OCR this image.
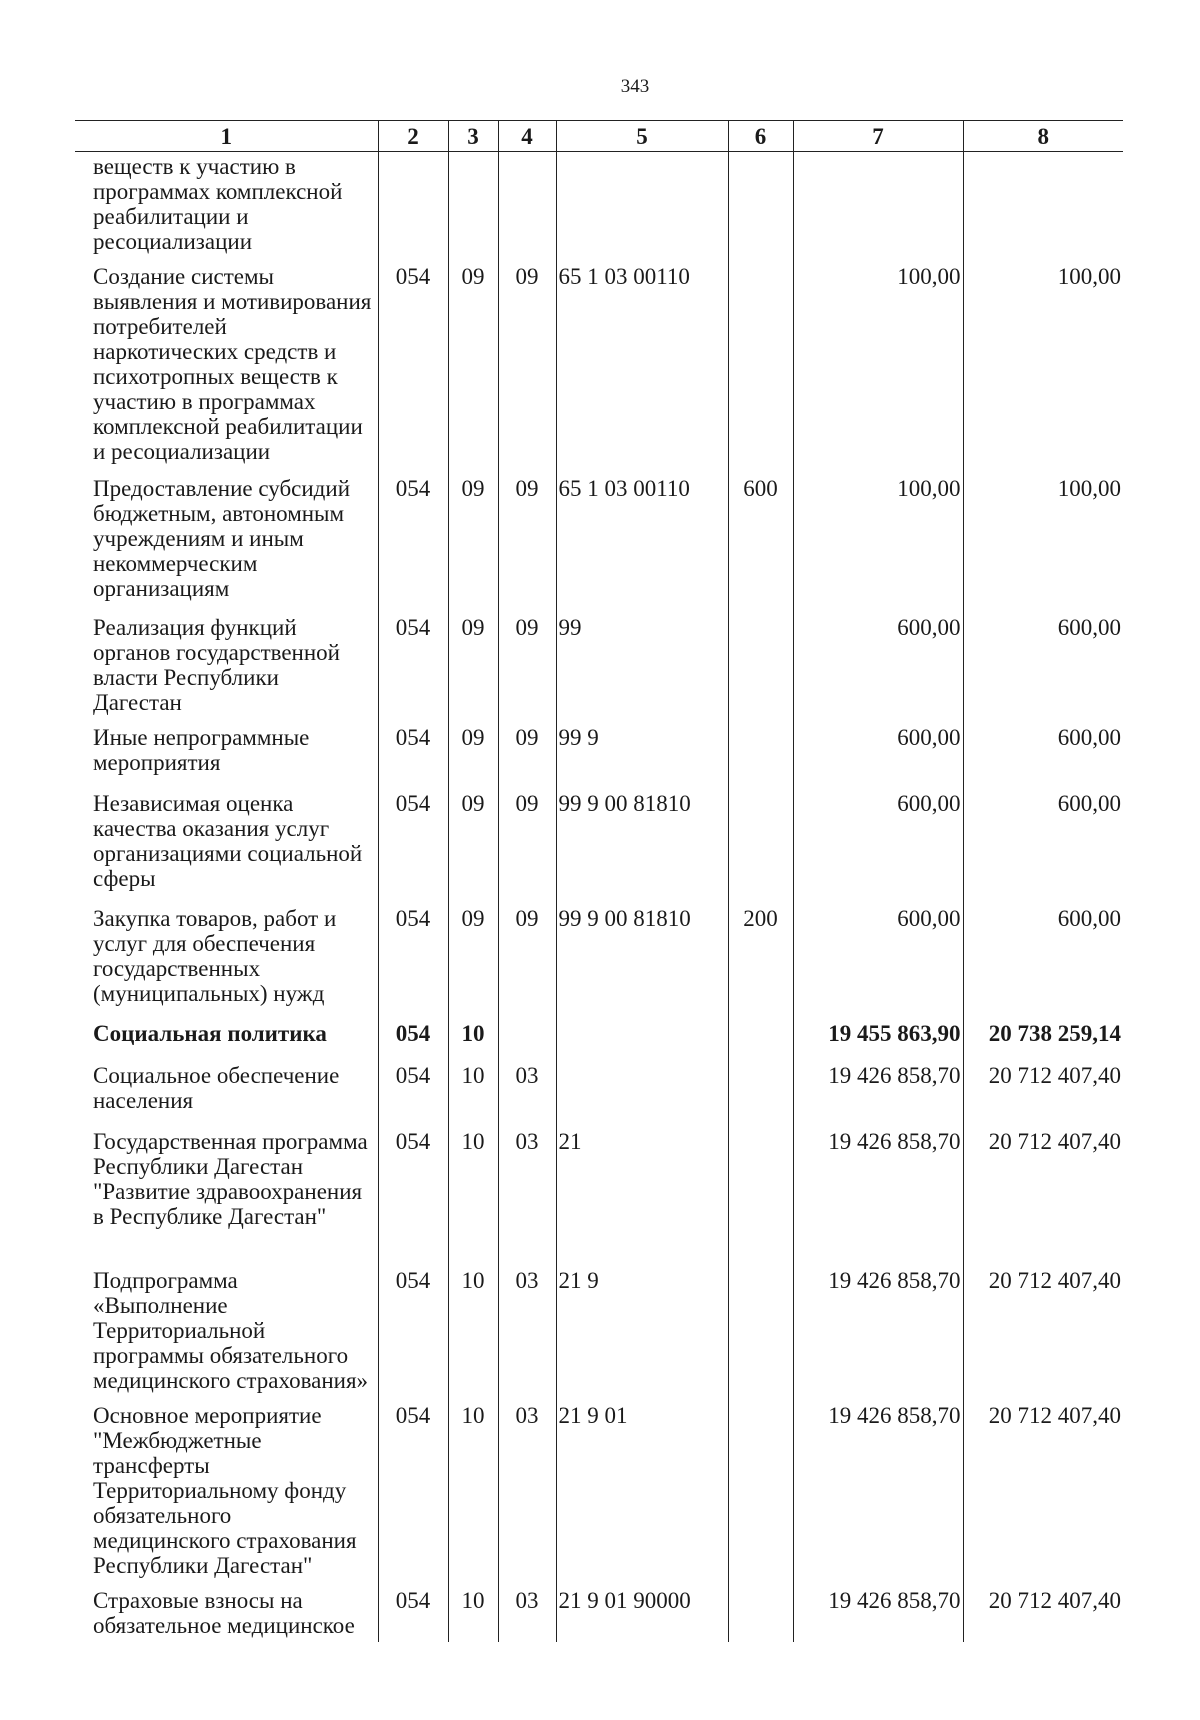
343
1	2	3	4	5	6	7	8
веществ к участию в программах комплексной реабилитации и ресоциализации							
Создание системы выявления и мотивирования потребителей наркотических средств и психотропных веществ к участию в программах комплексной реабилитации и ресоциализации	054	09	09	65 1 03 00110		100,00	100,00
Предоставление субсидий бюджетным, автономным учреждениям и иным некоммерческим организациям	054	09	09	65 1 03 00110	600	100,00	100,00
Реализация функций органов государственной власти Республики Дагестан	054	09	09	99		600,00	600,00
Иные непрограммные мероприятия	054	09	09	99 9		600,00	600,00
Независимая оценка качества оказания услуг организациями социальной сферы	054	09	09	99 9 00 81810		600,00	600,00
Закупка товаров, работ и услуг для обеспечения государственных (муниципальных) нужд	054	09	09	99 9 00 81810	200	600,00	600,00
Социальная политика	054	10				19 455 863,90	20 738 259,14
Социальное обеспечение населения	054	10	03			19 426 858,70	20 712 407,40
Государственная программа Республики Дагестан "Развитие здравоохранения в Республике Дагестан"	054	10	03	21		19 426 858,70	20 712 407,40
Подпрограмма «Выполнение Территориальной программы обязательного медицинского страхования»	054	10	03	21 9		19 426 858,70	20 712 407,40
Основное мероприятие "Межбюджетные трансферты Территориальному фонду обязательного медицинского страхования Республики Дагестан"	054	10	03	21 9 01		19 426 858,70	20 712 407,40
Страховые взносы на обязательное медицинское	054	10	03	21 9 01 90000		19 426 858,70	20 712 407,40
